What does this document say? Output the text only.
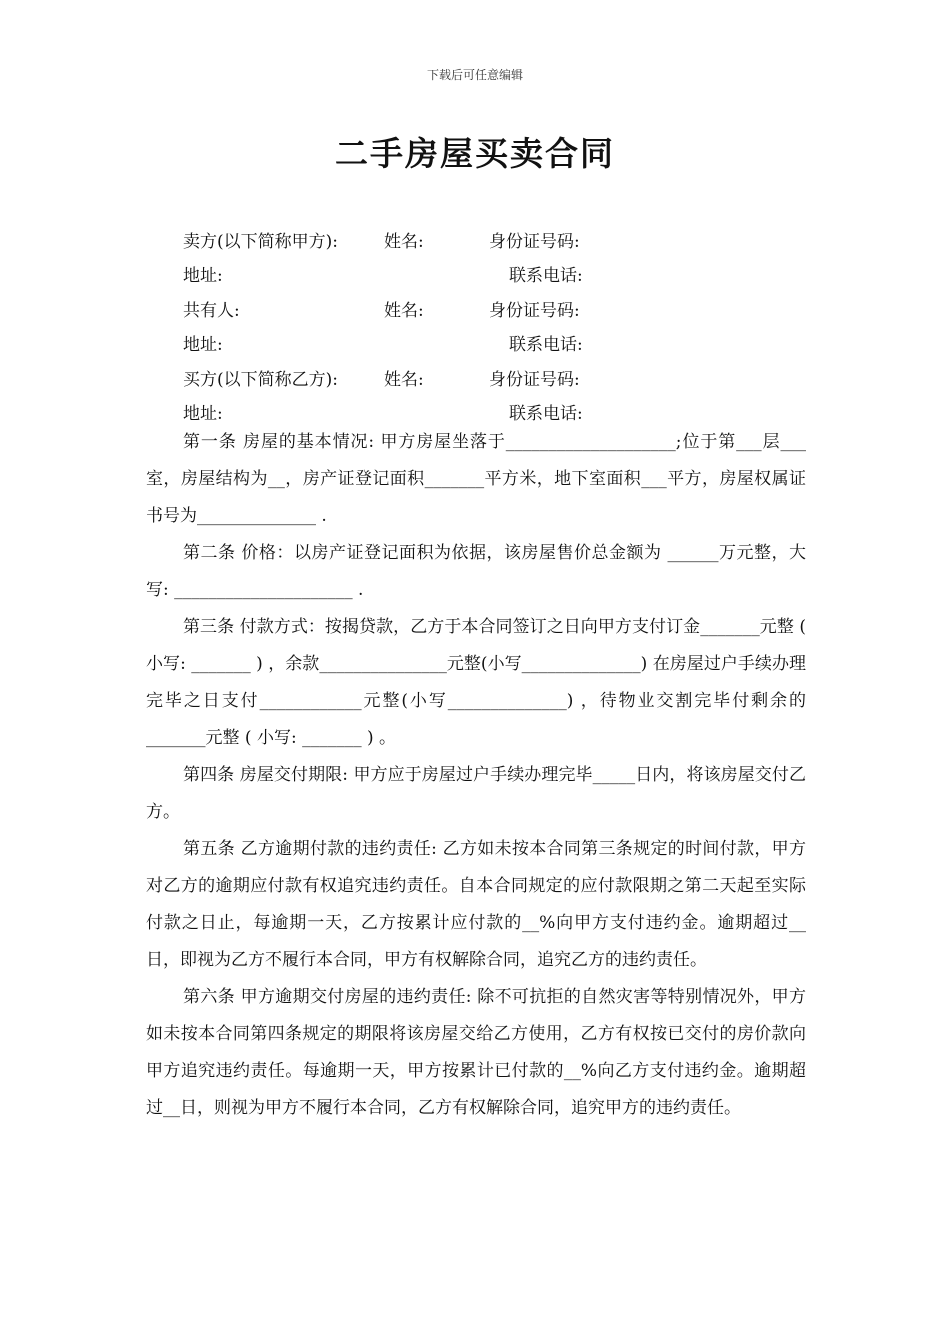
下载后可任意编辑
二手房屋买卖合同
卖方(以下简称甲方):	姓名:	身份证号码:
地址:	联系电话:
共有人:	姓名:	身份证号码:
地址:	联系电话:
买方(以下简称乙方):	姓名:	身份证号码:
地址:	联系电话:

第一条 房屋的基本情况: 甲方房屋坐落于____________________;位于第___层___室，房屋结构为__，房产证登记面积_______平方米，地下室面积___平方，房屋权属证书号为______________ .

第二条 价格：以房产证登记面积为依据，该房屋售价总金额为 ______万元整，大写: _____________________ .

第三条 付款方式：按揭贷款，乙方于本合同签订之日向甲方支付订金_______元整 ( 小写: _______ ) ，余款_______________元整(小写______________) 在房屋过户手续办理完毕之日支付____________元整(小写______________) ，待物业交割完毕付剩余的_______元整 ( 小写: _______ ) 。

第四条 房屋交付期限: 甲方应于房屋过户手续办理完毕_____日内，将该房屋交付乙方。

第五条 乙方逾期付款的违约责任: 乙方如未按本合同第三条规定的时间付款，甲方对乙方的逾期应付款有权追究违约责任。自本合同规定的应付款限期之第二天起至实际付款之日止，每逾期一天，乙方按累计应付款的__%向甲方支付违约金。逾期超过__日，即视为乙方不履行本合同，甲方有权解除合同，追究乙方的违约责任。

第六条 甲方逾期交付房屋的违约责任: 除不可抗拒的自然灾害等特别情况外，甲方如未按本合同第四条规定的期限将该房屋交给乙方使用，乙方有权按已交付的房价款向甲方追究违约责任。每逾期一天，甲方按累计已付款的__%向乙方支付违约金。逾期超过__日，则视为甲方不履行本合同，乙方有权解除合同，追究甲方的违约责任。
